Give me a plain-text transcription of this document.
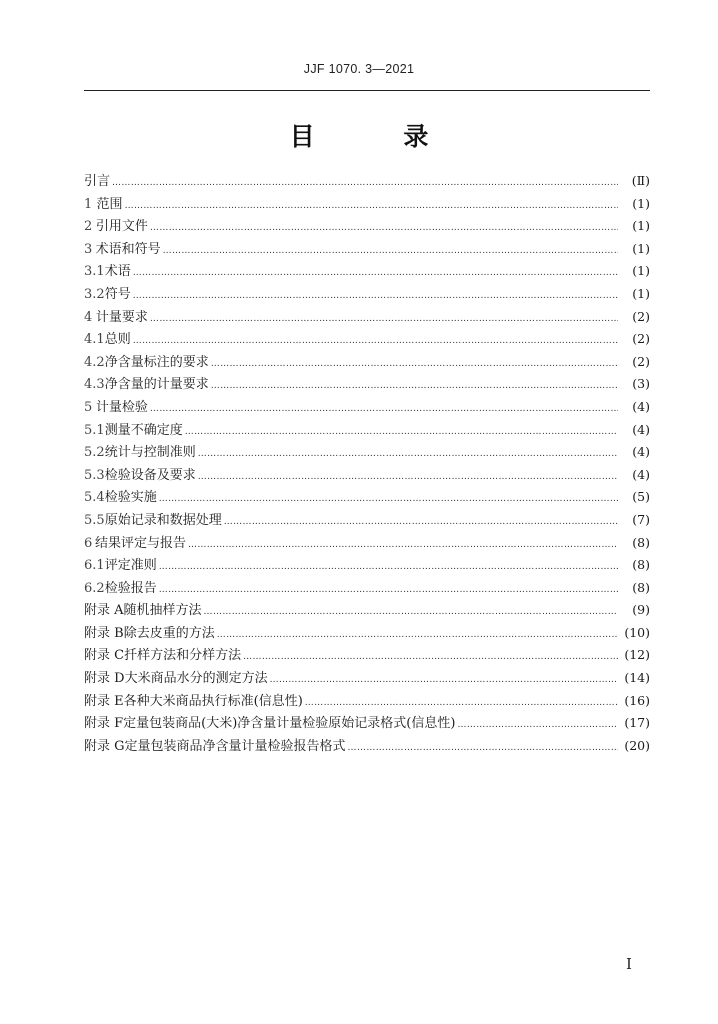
JJF 1070. 3—2021
目 录
引言 ……………………………………………………………………………………………………………………………………………………………………………………………………………………………………………………	(Ⅱ)
1 范围 ……………………………………………………………………………………………………………………………………………………………………………………………………………………………………………………	(1)
2 引用文件 ……………………………………………………………………………………………………………………………………………………………………………………………………………………………………………………	(1)
3 术语和符号 ……………………………………………………………………………………………………………………………………………………………………………………………………………………………………………………	(1)
3.1 术语 ……………………………………………………………………………………………………………………………………………………………………………………………………………………………………………………	(1)
3.2 符号 ……………………………………………………………………………………………………………………………………………………………………………………………………………………………………………………	(1)
4 计量要求 ……………………………………………………………………………………………………………………………………………………………………………………………………………………………………………………	(2)
4.1 总则 ……………………………………………………………………………………………………………………………………………………………………………………………………………………………………………………	(2)
4.2 净含量标注的要求 ……………………………………………………………………………………………………………………………………………………………………………………………………………………………………………………	(2)
4.3 净含量的计量要求 ……………………………………………………………………………………………………………………………………………………………………………………………………………………………………………………	(3)
5 计量检验 ……………………………………………………………………………………………………………………………………………………………………………………………………………………………………………………	(4)
5.1 测量不确定度 ……………………………………………………………………………………………………………………………………………………………………………………………………………………………………………………	(4)
5.2 统计与控制准则 ……………………………………………………………………………………………………………………………………………………………………………………………………………………………………………………	(4)
5.3 检验设备及要求 ……………………………………………………………………………………………………………………………………………………………………………………………………………………………………………………	(4)
5.4 检验实施 ……………………………………………………………………………………………………………………………………………………………………………………………………………………………………………………	(5)
5.5 原始记录和数据处理 ……………………………………………………………………………………………………………………………………………………………………………………………………………………………………………………	(7)
6 结果评定与报告 ……………………………………………………………………………………………………………………………………………………………………………………………………………………………………………………	(8)
6.1 评定准则 ……………………………………………………………………………………………………………………………………………………………………………………………………………………………………………………	(8)
6.2 检验报告 ……………………………………………………………………………………………………………………………………………………………………………………………………………………………………………………	(8)
附录 A 随机抽样方法 ……………………………………………………………………………………………………………………………………………………………………………………………………………………………………………………	(9)
附录 B 除去皮重的方法 ……………………………………………………………………………………………………………………………………………………………………………………………………………………………………………………	(10)
附录 C 扦样方法和分样方法 ……………………………………………………………………………………………………………………………………………………………………………………………………………………………………………………	(12)
附录 D 大米商品水分的测定方法 ……………………………………………………………………………………………………………………………………………………………………………………………………………………………………………………	(14)
附录 E 各种大米商品执行标准(信息性) ……………………………………………………………………………………………………………………………………………………………………………………………………………………………………………………	(16)
附录 F 定量包装商品(大米)净含量计量检验原始记录格式(信息性) ……………………………………………………………………………………………………………………………………………………………………………………………………………………………………………………	(17)
附录 G 定量包装商品净含量计量检验报告格式 ……………………………………………………………………………………………………………………………………………………………………………………………………………………………………………………	(20)
I
